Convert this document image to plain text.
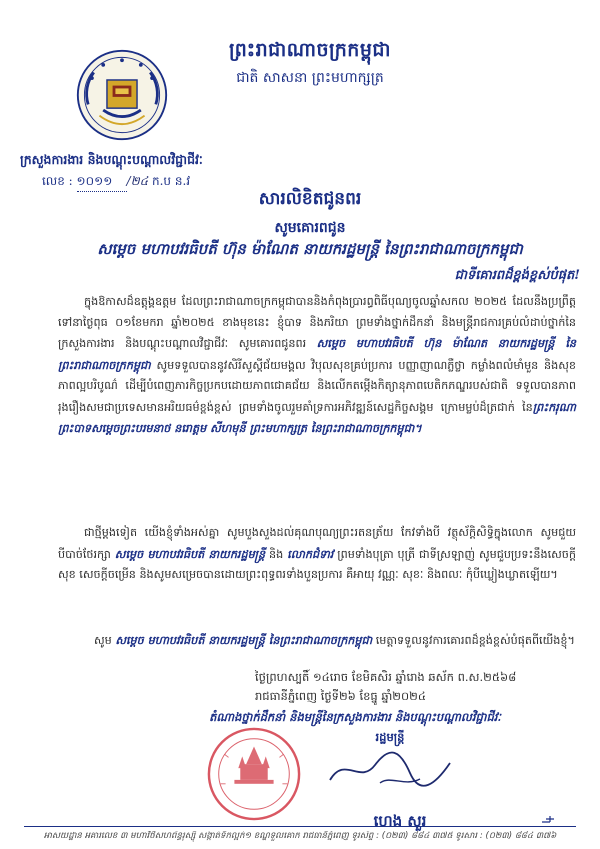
ព្រះរាជាណាចក្រកម្ពុជា
ជាតិ សាសនា ព្រះមហាក្សត្រ
ក្រសួងការងារ និងបណ្តុះបណ្តាលវិជ្ជាជីវៈ
លេខ : ១០១១ /២៤ ក.ប ន.វ
សារលិខិតជូនពរ
សូមគោរពជូន
សម្តេច មហាបវរធិបតី ហ៊ុន ម៉ាណែត នាយករដ្ឋមន្រ្តី នៃព្រះរាជាណាចក្រកម្ពុជា
ជាទីគោរពដ៏ខ្ពង់ខ្ពស់បំផុត!
ក្នុងឱកាសដ៏ឧត្តុង្គឧត្តម ដែលព្រះរាជាណាចក្រកម្ពុជាបាននិងកំពុងប្រារព្ធពិធីបុណ្យចូលឆ្នាំសកល ២០២៥ ដែលនឹងប្រព្រឹត្តទៅនាថ្ងៃពុធ ០១ខែមករា ឆ្នាំ២០២៥ ខាងមុខនេះ ខ្ញុំបាទ និងភរិយា ព្រមទាំងថ្នាក់ដឹកនាំ និងមន្ត្រីរាជការគ្រប់លំដាប់ថ្នាក់នៃក្រសួងការងារ និងបណ្តុះបណ្តាលវិជ្ជាជីវៈ សូមគោរពជូនពរ សម្តេច មហាបវរធិបតី ហ៊ុន ម៉ាណែត នាយករដ្ឋមន្រ្តី នៃព្រះរាជាណាចក្រកម្ពុជា សូមទទួលបាននូវសិរីសួស្តីជ័យមង្គល វិបុលសុខគ្រប់ប្រការ បញ្ញាញាណភ្លឺថ្លា កម្លាំងពលំមាំមួន និងសុខភាពល្អបរិបូណ៌ ដើម្បីបំពេញភារកិច្ចប្រកបដោយភាពជោគជ័យ និងលើកតម្កើងកិត្យានុភាពបេតិកភណ្ឌរបស់ជាតិ ទទួលបានភាពរុងរឿងសមជាប្រទេសមានអរិយធម៌ខ្ពង់ខ្ពស់ ព្រមទាំងចូលរួមគាំទ្រការអភិវឌ្ឍន៍សេដ្ឋកិច្ចសង្គម ក្រោមម្លប់ដ៏ត្រជាក់ នៃព្រះករុណាព្រះបាទសម្តេចព្រះបរមនាថ នរោត្តម សីហមុនី ព្រះមហាក្សត្រ នៃព្រះរាជាណាចក្រកម្ពុជា។
ជាថ្មីម្តងទៀត យើងខ្ញុំទាំងអស់គ្នា សូមបួងសួងដល់គុណបុណ្យព្រះរតនត្រ័យ កែវទាំងបី វត្ថុស័ក្តិសិទ្ធិក្នុងលោក សូមជួយបីបាច់ថែរក្សា សម្តេច មហាបវរធិបតី នាយករដ្ឋមន្រ្តី និង លោកជំទាវ ព្រមទាំងបុត្រា បុត្រី ជាទីស្រឡាញ់ សូមជួបប្រទះនឹងសេចក្តីសុខ សេចក្តីចម្រើន និងសូមសម្រេចបានដោយព្រះពុទ្ធពរទាំងបួនប្រការ គឺអាយុ វណ្ណៈ សុខៈ និងពលៈ កុំបីឃ្លៀងឃ្លាតឡើយ។
សូម សម្តេច មហាបវរធិបតី នាយករដ្ឋមន្រ្តី នៃព្រះរាជាណាចក្រកម្ពុជា មេត្តាទទួលនូវការគោរពដ៏ខ្ពង់ខ្ពស់បំផុតពីយើងខ្ញុំ។
ថ្ងៃព្រហស្បតិ៍ ១៤រោច ខែមិគសិរ ឆ្នាំរោង ឆស័ក ព.ស.២៥៦៨
រាជធានីភ្នំពេញ ថ្ងៃទី២៦ ខែធ្នូ ឆ្នាំ២០២៤
តំណាងថ្នាក់ដឹកនាំ និងមន្ត្រីនៃក្រសួងការងារ និងបណ្តុះបណ្តាលវិជ្ជាជីវៈ
រដ្ឋមន្ត្រី
ហេង សួរ
អាសយដ្ឋាន អគារលេខ ៣ មហាវិថីសហព័ន្ធរុស្ស៊ី សង្កាត់ទឹកល្អក់១ ខណ្ឌទួលគោក រាជធានីភ្នំពេញ ទូរស័ព្ទ : (០២៣) ៨៨៤ ៣៧៥ ទូរសារ : (០២៣) ៨៨៤ ៣៧៦
